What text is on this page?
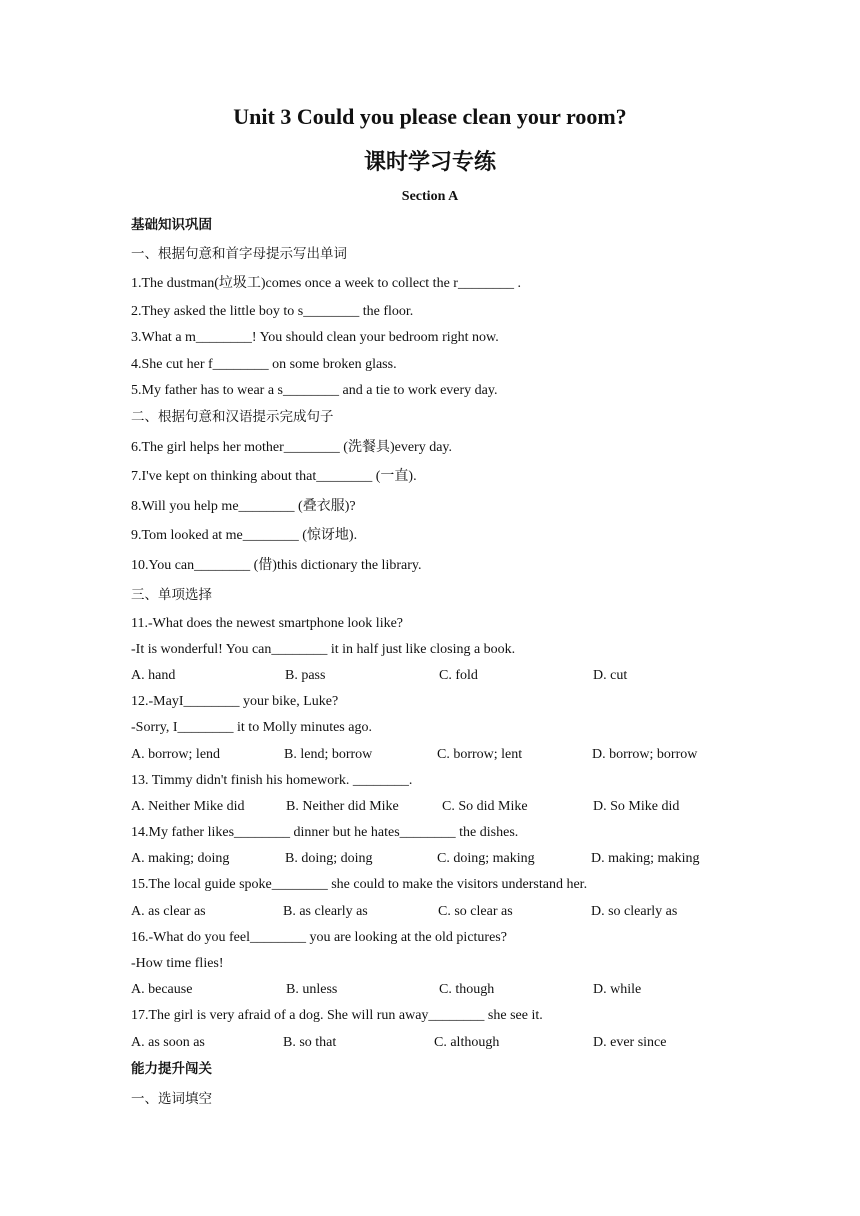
Unit 3 Could you please clean your room?
课时学习专练
Section A
基础知识巩固
一、根据句意和首字母提示写出单词
1.The dustman(垃圾工)comes once a week to collect the r________ .
2.They asked the little boy to s________ the floor.
3.What a m________! You should clean your bedroom right now.
4.She cut her f________ on some broken glass.
5.My father has to wear a s________ and a tie to work every day.
二、根据句意和汉语提示完成句子
6.The girl helps her mother________ (洗餐具)every day.
7.I've kept on thinking about that________ (一直).
8.Will you help me________ (叠衣服)?
9.Tom looked at me________ (惊讶地).
10.You can________ (借)this dictionary the library.
三、单项选择
11.-What does the newest smartphone look like?
-It is wonderful! You can________ it in half just like closing a book.
A. hand	B. pass	C. fold	D. cut
12.-MayI________ your bike, Luke?
-Sorry, I________ it to Molly minutes ago.
A. borrow; lend	B. lend; borrow	C. borrow; lent	D. borrow; borrow
13. Timmy didn't finish his homework. ________.
A. Neither Mike did	B. Neither did Mike	C. So did Mike	D. So Mike did
14.My father likes________ dinner but he hates________ the dishes.
A. making; doing	B. doing; doing	C. doing; making	D. making; making
15.The local guide spoke________ she could to make the visitors understand her.
A. as clear as	B. as clearly as	C. so clear as	D. so clearly as
16.-What do you feel________ you are looking at the old pictures?
-How time flies!
A. because	B. unless	C. though	D. while
17.The girl is very afraid of a dog. She will run away________ she see it.
A. as soon as	B. so that	C. although	D. ever since
能力提升闯关
一、选词填空
